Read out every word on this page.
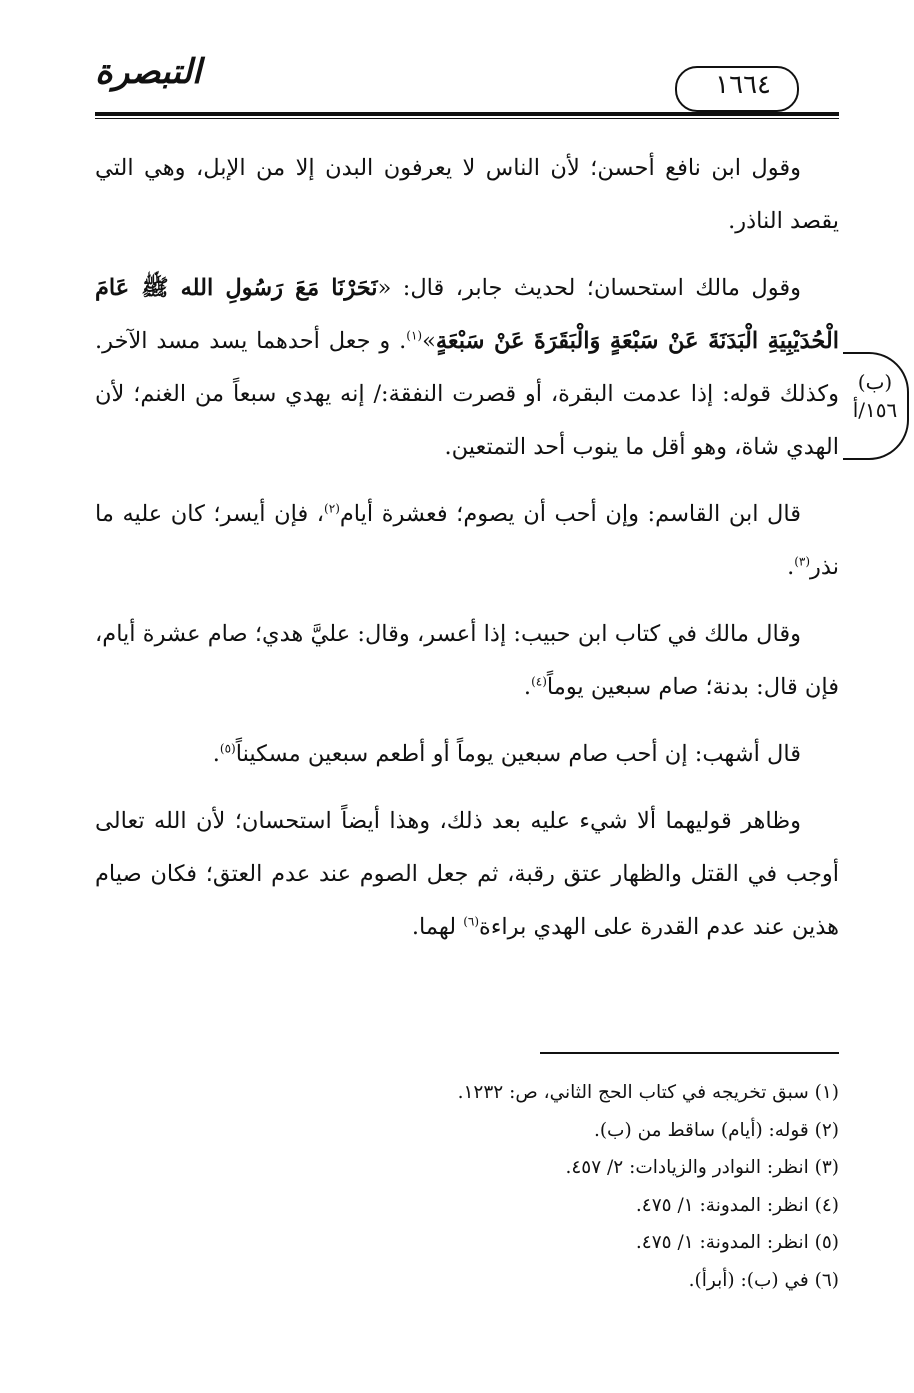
١٦٦٤
التبصرة
(ب)
١٥٦/أ

وقول ابن نافع أحسن؛ لأن الناس لا يعرفون البدن إلا من الإبل، وهي التي يقصد الناذر.

وقول مالك استحسان؛ لحديث جابر، قال: «نَحَرْنَا مَعَ رَسُولِ الله ﷺ عَامَ الْحُدَيْبِيَةِ الْبَدَنَةَ عَنْ سَبْعَةٍ وَالْبَقَرَةَ عَنْ سَبْعَةٍ»$^{(١)}$. و جعل أحدهما يسد مسد الآخر. وكذلك قوله: إذا عدمت البقرة، أو قصرت النفقة:/ إنه يهدي سبعاً من الغنم؛ لأن الهدي شاة، وهو أقل ما ينوب أحد التمتعين.

قال ابن القاسم: وإن أحب أن يصوم؛ فعشرة أيام$^{(٢)}$، فإن أيسر؛ كان عليه ما نذر$^{(٣)}$.

وقال مالك في كتاب ابن حبيب: إذا أعسر، وقال: عليَّ هدي؛ صام عشرة أيام، فإن قال: بدنة؛ صام سبعين يوماً$^{(٤)}$.

قال أشهب: إن أحب صام سبعين يوماً أو أطعم سبعين مسكيناً$^{(٥)}$.

وظاهر قوليهما ألا شيء عليه بعد ذلك، وهذا أيضاً استحسان؛ لأن الله تعالى أوجب في القتل والظهار عتق رقبة، ثم جعل الصوم عند عدم العتق؛ فكان صيام هذين عند عدم القدرة على الهدي براءة$^{(٦)}$ لهما.

(١) سبق تخريجه في كتاب الحج الثاني، ص: ١٢٣٢.
(٢) قوله: (أيام) ساقط من (ب).
(٣) انظر: النوادر والزيادات: ٢/ ٤٥٧.
(٤) انظر: المدونة: ١/ ٤٧٥.
(٥) انظر: المدونة: ١/ ٤٧٥.
(٦) في (ب): (أبرأ).
